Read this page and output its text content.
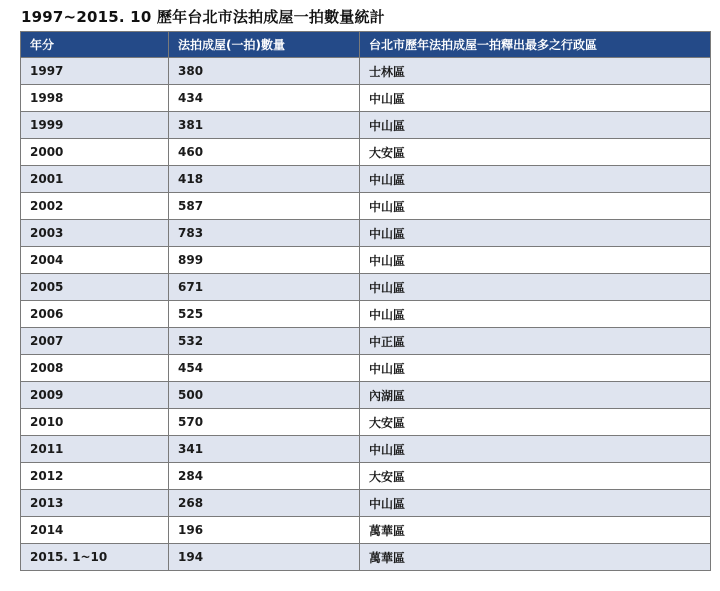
1997~2015. 10 歷年台北市法拍成屋一拍數量統計
年分	法拍成屋(一拍)數量	台北市歷年法拍成屋一拍釋出最多之行政區
1997	380	士林區
1998	434	中山區
1999	381	中山區
2000	460	大安區
2001	418	中山區
2002	587	中山區
2003	783	中山區
2004	899	中山區
2005	671	中山區
2006	525	中山區
2007	532	中正區
2008	454	中山區
2009	500	內湖區
2010	570	大安區
2011	341	中山區
2012	284	大安區
2013	268	中山區
2014	196	萬華區
2015. 1~10	194	萬華區
